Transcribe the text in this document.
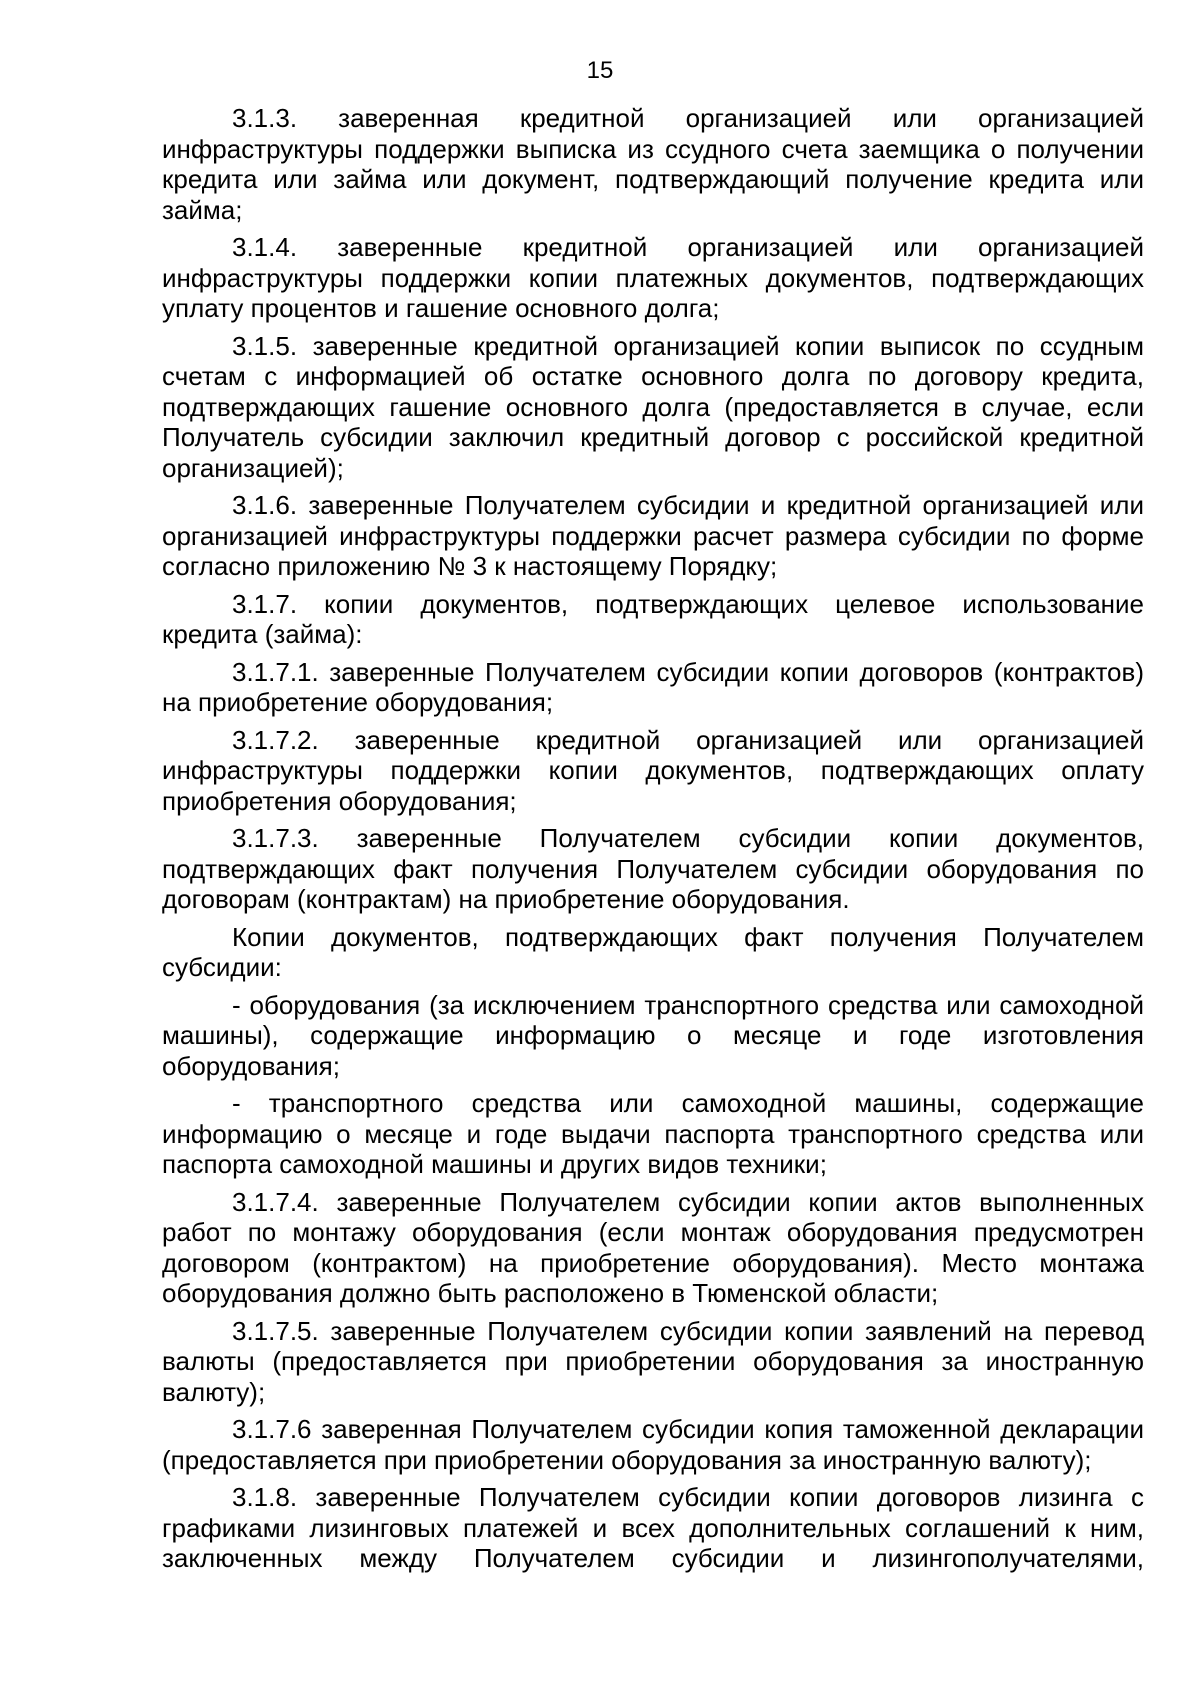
15

3.1.3. заверенная кредитной организацией или организацией инфраструктуры поддержки выписка из ссудного счета заемщика о получении кредита или займа или документ, подтверждающий получение кредита или займа;

3.1.4. заверенные кредитной организацией или организацией инфраструктуры поддержки копии платежных документов, подтверждающих уплату процентов и гашение основного долга;

3.1.5. заверенные кредитной организацией копии выписок по ссудным счетам с информацией об остатке основного долга по договору кредита, подтверждающих гашение основного долга (предоставляется в случае, если Получатель субсидии заключил кредитный договор с российской кредитной организацией);

3.1.6. заверенные Получателем субсидии и кредитной организацией или организацией инфраструктуры поддержки расчет размера субсидии по форме согласно приложению № 3 к настоящему Порядку;

3.1.7. копии документов, подтверждающих целевое использование кредита (займа):

3.1.7.1. заверенные Получателем субсидии копии договоров (контрактов) на приобретение оборудования;

3.1.7.2. заверенные кредитной организацией или организацией инфраструктуры поддержки копии документов, подтверждающих оплату приобретения оборудования;

3.1.7.3. заверенные Получателем субсидии копии документов, подтверждающих факт получения Получателем субсидии оборудования по договорам (контрактам) на приобретение оборудования.

Копии документов, подтверждающих факт получения Получателем субсидии:

- оборудования (за исключением транспортного средства или самоходной машины), содержащие информацию о месяце и годе изготовления оборудования;

- транспортного средства или самоходной машины, содержащие информацию о месяце и годе выдачи паспорта транспортного средства или паспорта самоходной машины и других видов техники;

3.1.7.4. заверенные Получателем субсидии копии актов выполненных работ по монтажу оборудования (если монтаж оборудования предусмотрен договором (контрактом) на приобретение оборудования). Место монтажа оборудования должно быть расположено в Тюменской области;

3.1.7.5. заверенные Получателем субсидии копии заявлений на перевод валюты (предоставляется при приобретении оборудования за иностранную валюту);

3.1.7.6 заверенная Получателем субсидии копия таможенной декларации (предоставляется при приобретении оборудования за иностранную валюту);

3.1.8. заверенные Получателем субсидии копии договоров лизинга с графиками лизинговых платежей и всех дополнительных соглашений к ним, заключенных между Получателем субсидии и лизингополучателями,
